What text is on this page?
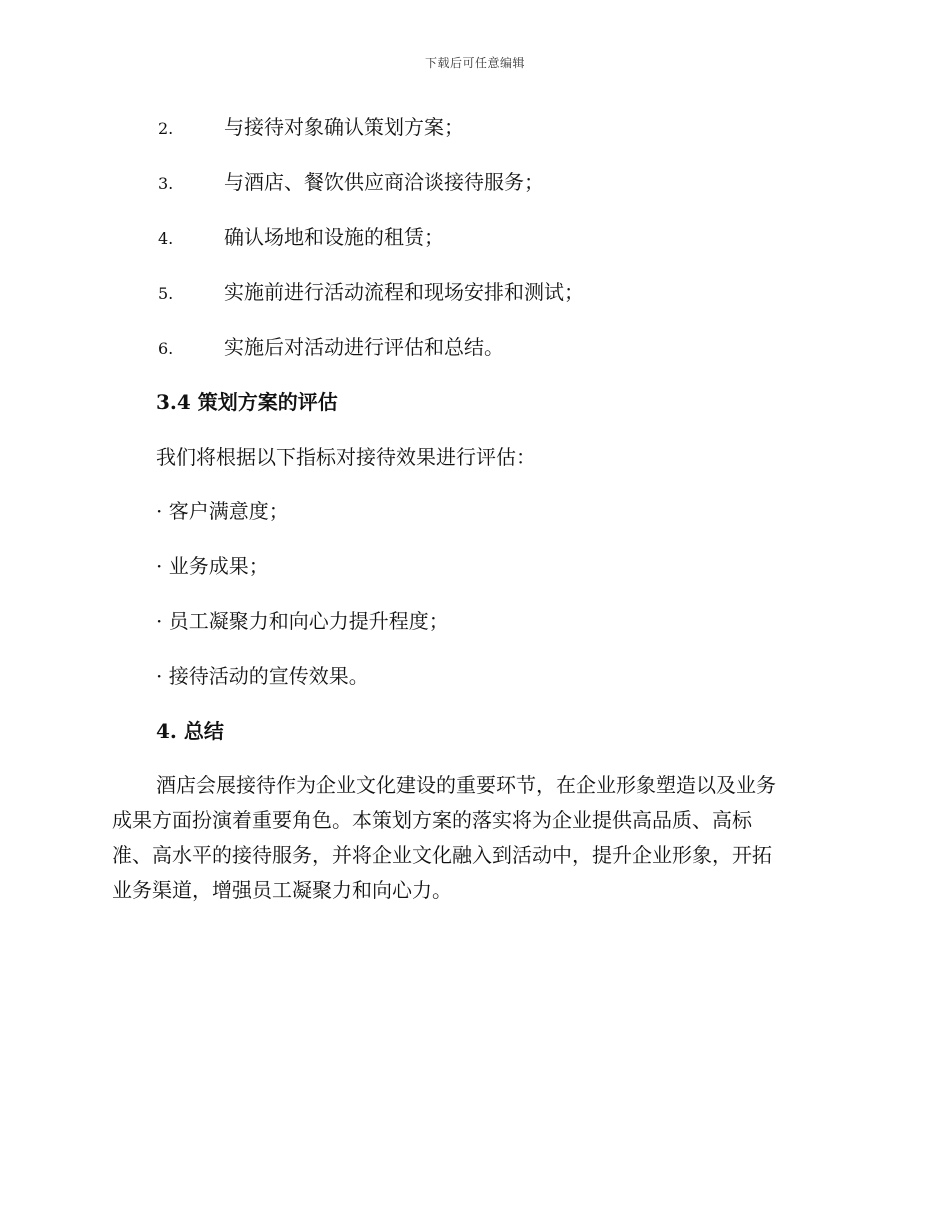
下载后可任意编辑
2.	与接待对象确认策划方案；
3.	与酒店、餐饮供应商洽谈接待服务；
4.	确认场地和设施的租赁；
5.	实施前进行活动流程和现场安排和测试；
6.	实施后对活动进行评估和总结。
3.4 策划方案的评估
我们将根据以下指标对接待效果进行评估：
· 客户满意度；
· 业务成果；
· 员工凝聚力和向心力提升程度；
· 接待活动的宣传效果。
4. 总结
酒店会展接待作为企业文化建设的重要环节，在企业形象塑造以及业务
成果方面扮演着重要角色。本策划方案的落实将为企业提供高品质、高标
准、高水平的接待服务，并将企业文化融入到活动中，提升企业形象，开拓
业务渠道，增强员工凝聚力和向心力。
